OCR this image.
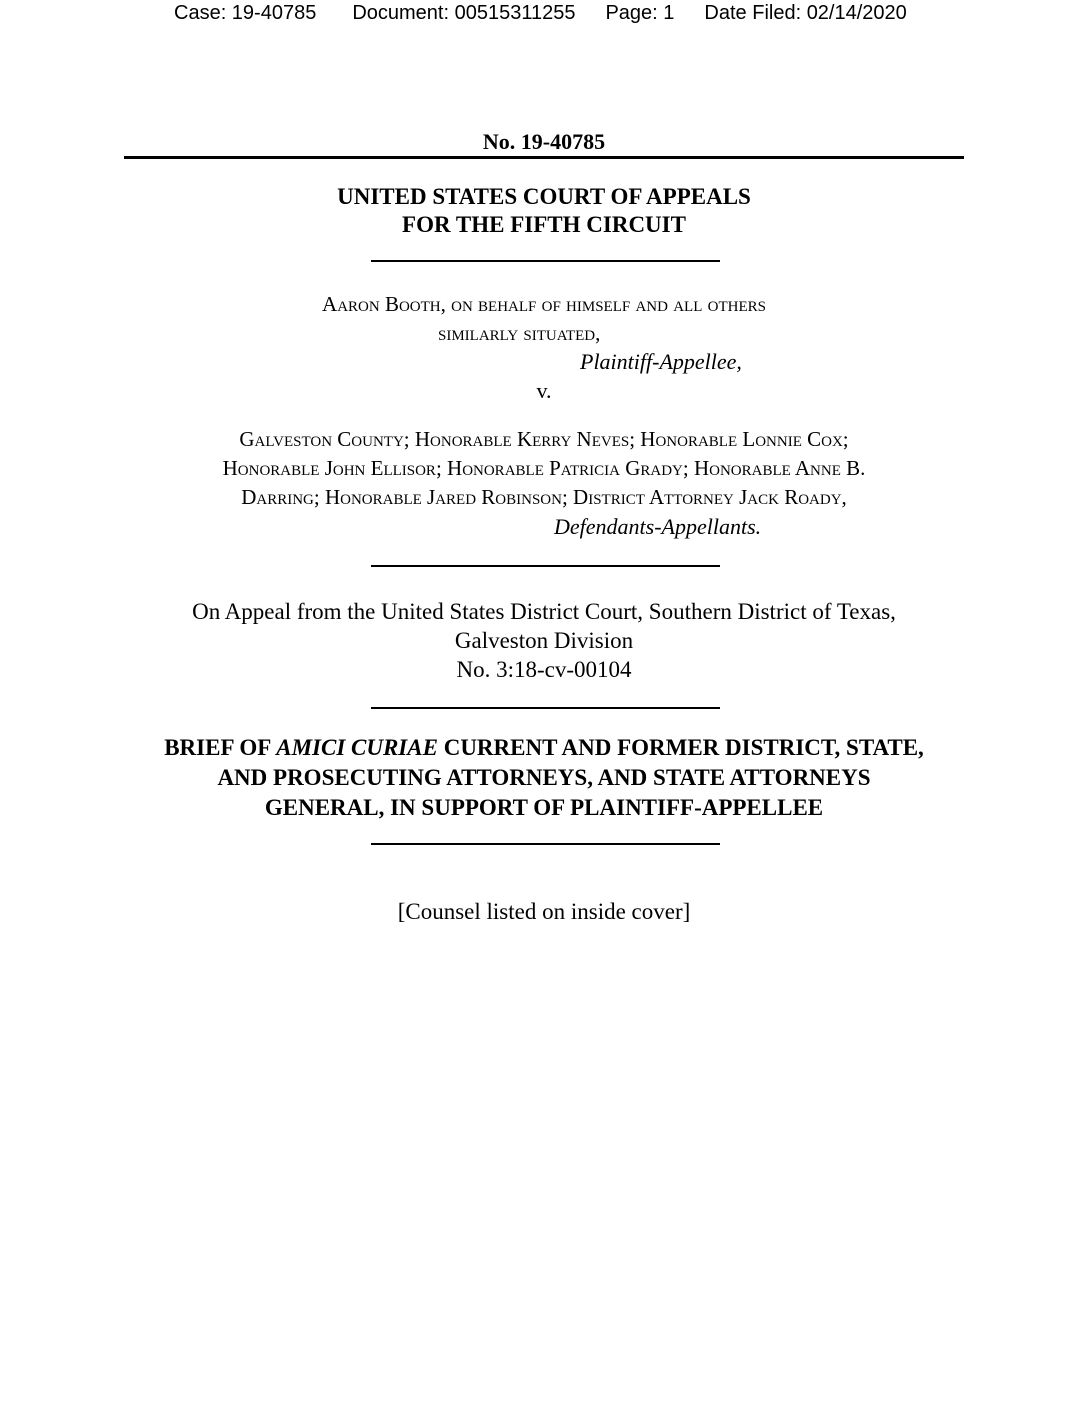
Case: 19-40785 Document: 00515311255 Page: 1 Date Filed: 02/14/2020
No. 19-40785
UNITED STATES COURT OF APPEALS
FOR THE FIFTH CIRCUIT
Aaron Booth, on behalf of himself and all others
similarly situated,
Plaintiff-Appellee,
v.
Galveston County; Honorable Kerry Neves; Honorable Lonnie Cox;
Honorable John Ellisor; Honorable Patricia Grady; Honorable Anne B.
Darring; Honorable Jared Robinson; District Attorney Jack Roady,
Defendants-Appellants.
On Appeal from the United States District Court, Southern District of Texas,
Galveston Division
No. 3:18-cv-00104
BRIEF OF AMICI CURIAE CURRENT AND FORMER DISTRICT, STATE,
AND PROSECUTING ATTORNEYS, AND STATE ATTORNEYS
GENERAL, IN SUPPORT OF PLAINTIFF-APPELLEE
[Counsel listed on inside cover]
